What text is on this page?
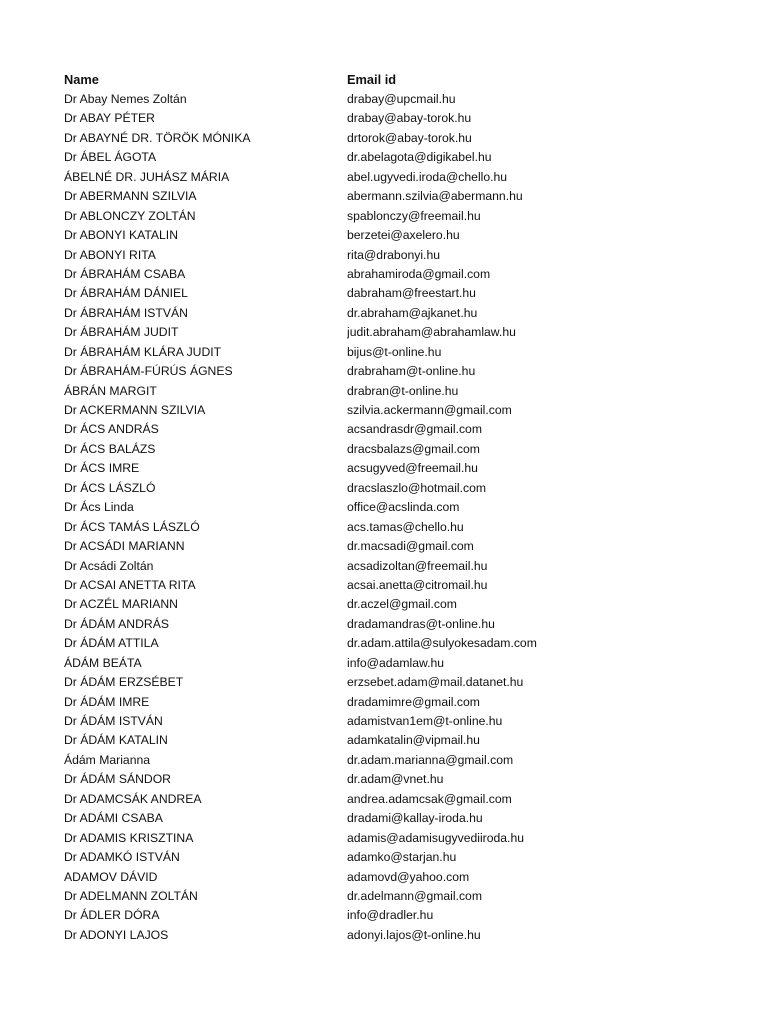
Name	Email id
Dr Abay Nemes Zoltán	drabay@upcmail.hu
Dr ABAY PÉTER	drabay@abay-torok.hu
Dr ABAYNÉ DR. TÖRÖK MÓNIKA	drtorok@abay-torok.hu
Dr ÁBEL ÁGOTA	dr.abelagota@digikabel.hu
ÁBELNÉ DR. JUHÁSZ MÁRIA	abel.ugyvedi.iroda@chello.hu
Dr ABERMANN SZILVIA	abermann.szilvia@abermann.hu
Dr ABLONCZY ZOLTÁN	spablonczy@freemail.hu
Dr ABONYI KATALIN	berzetei@axelero.hu
Dr ABONYI RITA	rita@drabonyi.hu
Dr ÁBRAHÁM CSABA	abrahamiroda@gmail.com
Dr ÁBRAHÁM DÁNIEL	dabraham@freestart.hu
Dr ÁBRAHÁM ISTVÁN	dr.abraham@ajkanet.hu
Dr ÁBRAHÁM JUDIT	judit.abraham@abrahamlaw.hu
Dr ÁBRAHÁM KLÁRA JUDIT	bijus@t-online.hu
Dr ÁBRAHÁM-FÚRÚS ÁGNES	drabraham@t-online.hu
ÁBRÁN MARGIT	drabran@t-online.hu
Dr ACKERMANN SZILVIA	szilvia.ackermann@gmail.com
Dr ÁCS ANDRÁS	acsandrasdr@gmail.com
Dr ÁCS BALÁZS	dracsbalazs@gmail.com
Dr ÁCS IMRE	acsugyved@freemail.hu
Dr ÁCS LÁSZLÓ	dracslaszlo@hotmail.com
Dr Ács Linda	office@acslinda.com
Dr ÁCS TAMÁS LÁSZLÓ	acs.tamas@chello.hu
Dr ACSÁDI MARIANN	dr.macsadi@gmail.com
Dr Acsádi Zoltán	acsadizoltan@freemail.hu
Dr ACSAI ANETTA RITA	acsai.anetta@citromail.hu
Dr ACZÉL MARIANN	dr.aczel@gmail.com
Dr ÁDÁM ANDRÁS	dradamandras@t-online.hu
Dr ÁDÁM ATTILA	dr.adam.attila@sulyokesadam.com
ÁDÁM BEÁTA	info@adamlaw.hu
Dr ÁDÁM ERZSÉBET	erzsebet.adam@mail.datanet.hu
Dr ÁDÁM IMRE	dradamimre@gmail.com
Dr ÁDÁM ISTVÁN	adamistvan1em@t-online.hu
Dr ÁDÁM KATALIN	adamkatalin@vipmail.hu
Ádám Marianna	dr.adam.marianna@gmail.com
Dr ÁDÁM SÁNDOR	dr.adam@vnet.hu
Dr ADAMCSÁK ANDREA	andrea.adamcsak@gmail.com
Dr ADÁMI CSABA	dradami@kallay-iroda.hu
Dr ADAMIS KRISZTINA	adamis@adamisugyvediiroda.hu
Dr ADAMKÓ ISTVÁN	adamko@starjan.hu
ADAMOV DÁVID	adamovd@yahoo.com
Dr ADELMANN ZOLTÁN	dr.adelmann@gmail.com
Dr ÁDLER DÓRA	info@dradler.hu
Dr ADONYI LAJOS	adonyi.lajos@t-online.hu
